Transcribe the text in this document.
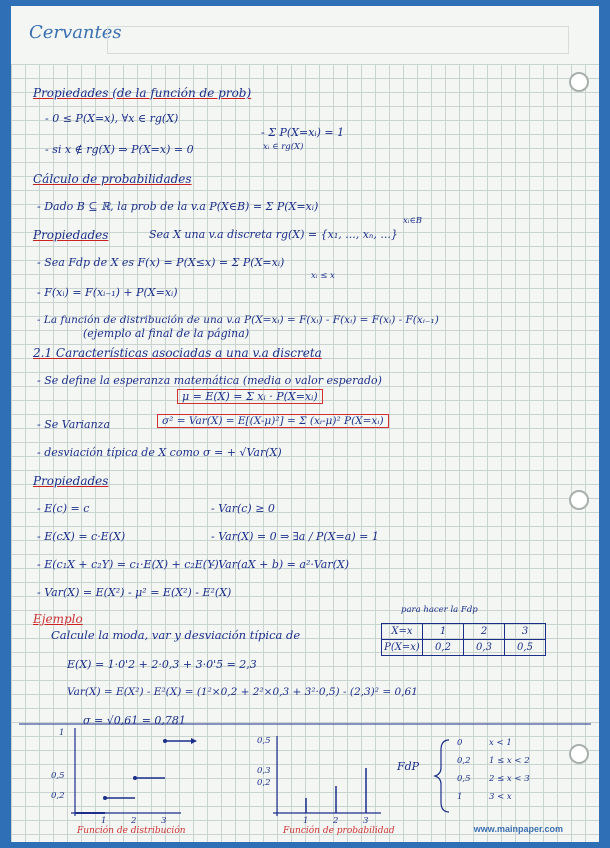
Cervantes
Propiedades (de la función de prob)
- 0 ≤ P(X=x), ∀x ∈ rg(X)
- Σ P(X=xᵢ) = 1
xᵢ ∈ rg(X)
- si x ∉ rg(X) ⇒ P(X=x) = 0
Cálculo de probabilidades
- Dado B ⊆ ℝ, la prob de la v.a P(X∈B) = Σ P(X=xᵢ)
xᵢ∈B
Propiedades	Sea X una v.a discreta rg(X) = {x₁, ..., xₙ, ...}
- Sea Fdp de X es F(x) = P(X≤x) = Σ P(X=xᵢ)
xᵢ ≤ x
- F(xᵢ) = F(xᵢ₋₁) + P(X=xᵢ)
- La función de distribución de una v.a P(X=xᵢ) = F(xᵢ) - F(xᵢ) = F(xᵢ) - F(xᵢ₋₁)
(ejemplo al final de la página)
2.1 Características asociadas a una v.a discreta
- Se define la esperanza matemática (media o valor esperado)
μ = E(X) = Σ xᵢ · P(X=xᵢ)
- Se Varianza	σ² = Var(X) = E[(X-μ)²] = Σ (xᵢ-μ)² P(X=xᵢ)
- desviación típica de X como σ = + √Var(X)
Propiedades
- E(c) = c	- Var(c) ≥ 0
- E(cX) = c·E(X)	- Var(X) = 0 ⇒ ∃a / P(X=a) = 1
- E(c₁X + c₂Y) = c₁·E(X) + c₂E(Y)
- Var(aX + b) = a²·Var(X)
- Var(X) = E(X²) - μ² = E(X²) - E²(X)
Ejemplo
Calcule la moda, var y desviación típica de
para hacer la Fdp
X=x	1	2	3
P(X=x)	0,2	0,3	0,5
E(X) = 1·0'2 + 2·0,3 + 3·0'5 = 2,3
Var(X) = E(X²) - E²(X) = (1²×0,2 + 2²×0,3 + 3²·0,5) - (2,3)² = 0,61
σ = √0,61 = 0,781
1
0,5
0,2
1	2	3
0,5
0,3
0,2
1	2	3
Función de distribución	Función de probabilidad
FdP
0	x < 1
0,2 1 ≤ x < 2
0,5 2 ≤ x < 3
1	3 < x
www.mainpaper.com
